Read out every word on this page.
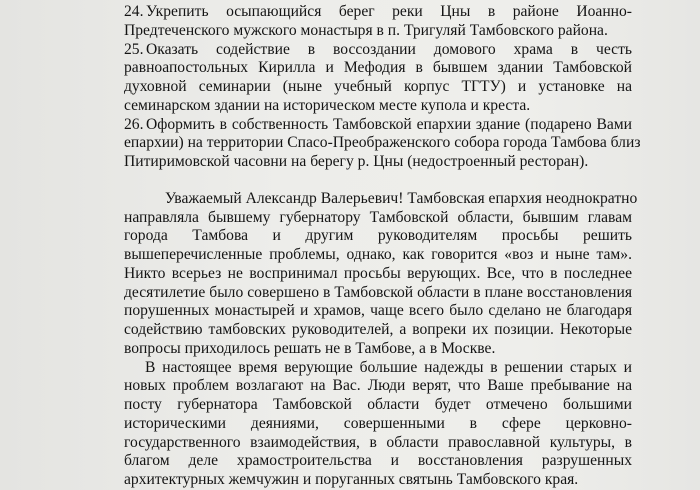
24. Укрепить осыпающийся берег реки Цны в районе Иоанно-
Предтеченского мужского монастыря в п. Тригуляй Тамбовского района.
25. Оказать содействие в воссоздании домового храма в честь
равноапостольных Кирилла и Мефодия в бывшем здании Тамбовской
духовной семинарии (ныне учебный корпус ТГТУ) и установке на
семинарском здании на историческом месте купола и креста.
26. Оформить в собственность Тамбовской епархии здание (подарено Вами
епархии) на территории Спасо-Преображенского собора города Тамбова близ
Питиримовской часовни на берегу р. Цны (недостроенный ресторан).
Уважаемый Александр Валерьевич! Тамбовская епархия неоднократно
направляла бывшему губернатору Тамбовской области, бывшим главам
города Тамбова и другим руководителям просьбы решить
вышеперечисленные проблемы, однако, как говорится «воз и ныне там».
Никто всерьез не воспринимал просьбы верующих. Все, что в последнее
десятилетие было совершено в Тамбовской области в плане восстановления
порушенных монастырей и храмов, чаще всего было сделано не благодаря
содействию тамбовских руководителей, а вопреки их позиции. Некоторые
вопросы приходилось решать не в Тамбове, а в Москве.
В настоящее время верующие большие надежды в решении старых и
новых проблем возлагают на Вас. Люди верят, что Ваше пребывание на
посту губернатора Тамбовской области будет отмечено большими
историческими деяниями, совершенными в сфере церковно-
государственного взаимодействия, в области православной культуры, в
благом деле храмостроительства и восстановления разрушенных
архитектурных жемчужин и поруганных святынь Тамбовского края.
